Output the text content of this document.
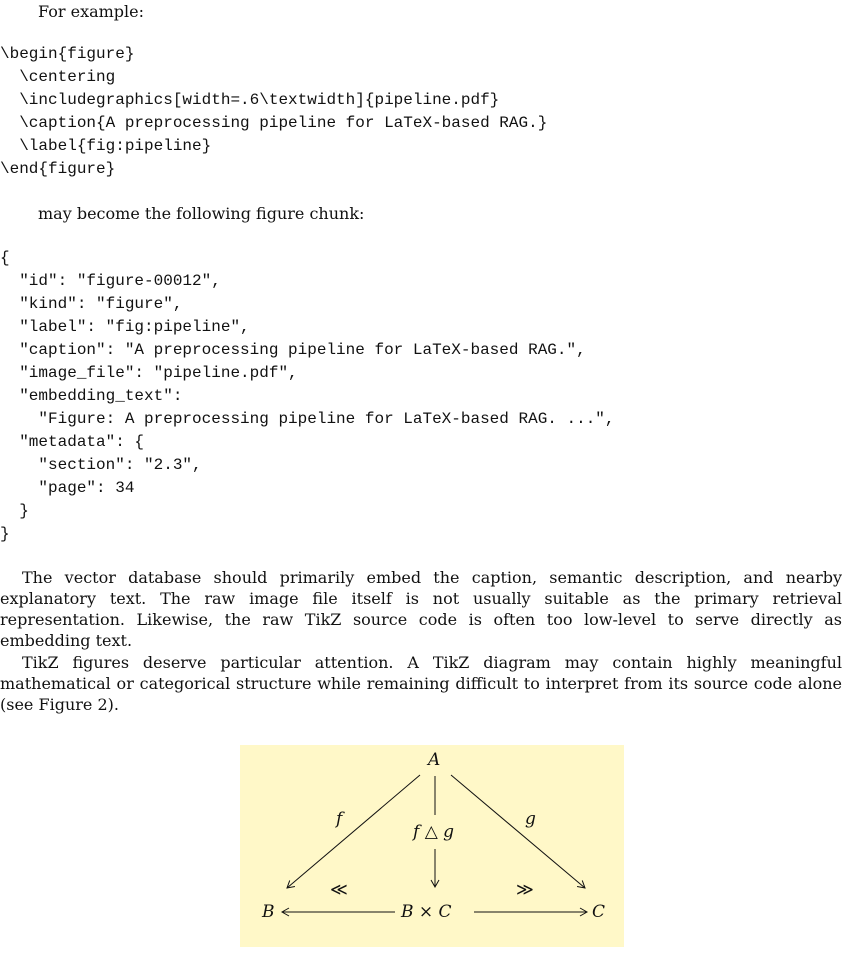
For example:
\begin{figure}
\centering
\includegraphics[width=.6\textwidth]{pipeline.pdf}
\caption{A preprocessing pipeline for LaTeX-based RAG.}
\label{fig:pipeline}
\end{figure}
may become the following figure chunk:
{
"id": "figure-00012",
"kind": "figure",
"label": "fig:pipeline",
"caption": "A preprocessing pipeline for LaTeX-based RAG.",
"image_file": "pipeline.pdf",
"embedding_text":
"Figure: A preprocessing pipeline for LaTeX-based RAG. ...",
"metadata": {
"section": "2.3",
"page": 34
}
}
The vector database should primarily embed the caption, semantic description, and nearby explanatory text. The raw image file itself is not usually suitable as the primary retrieval representation. Likewise, the raw TikZ source code is often too low-level to serve directly as embedding text.
TikZ figures deserve particular attention. A TikZ diagram may contain highly meaningful mathematical or categorical structure while remaining difficult to interpret from its source code alone (see Figure 2).
A
B	B × C	C
f	g
f △ g
≪	≫
